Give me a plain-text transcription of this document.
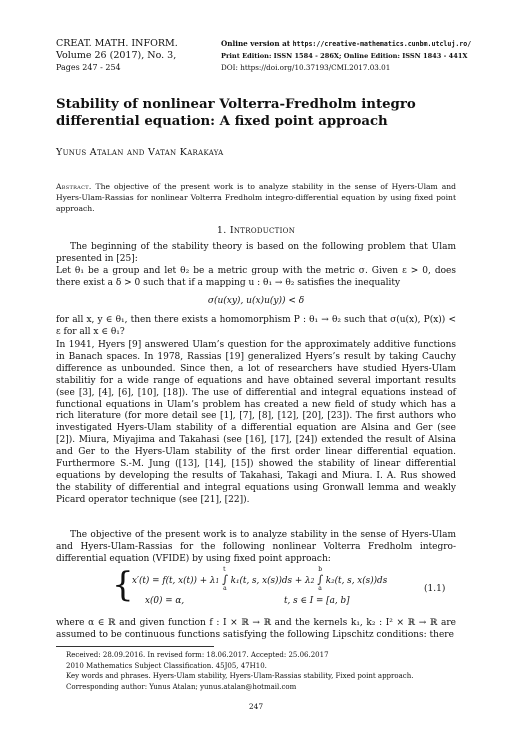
CREAT. MATH. INFORM.
Volume 26 (2017), No. 3,
Pages 247 - 254
Online version at https://creative-mathematics.cunbm.utcluj.ro/
Print Edition: ISSN 1584 - 286X; Online Edition: ISSN 1843 - 441X
DOI: https://doi.org/10.37193/CMI.2017.03.01
Stability of nonlinear Volterra-Fredholm integro
differential equation: A fixed point approach
Yunus Atalan and Vatan Karakaya
Abstract. The objective of the present work is to analyze stability in the sense of Hyers-Ulam and Hyers-Ulam-Rassias for nonlinear Volterra Fredholm integro-differential equation by using fixed point approach.
1. Introduction
The beginning of the stability theory is based on the following problem that Ulam presented in [25]:
Let θ₁ be a group and let θ₂ be a metric group with the metric σ. Given ε > 0, does there exist a δ > 0 such that if a mapping u : θ₁ → θ₂ satisfies the inequality
σ(u(xy), u(x)u(y)) < δ
for all x, y ∈ θ₁, then there exists a homomorphism P : θ₁ → θ₂ such that σ(u(x), P(x)) < ε for all x ∈ θ₁?
In 1941, Hyers [9] answered Ulam’s question for the approximately additive functions in Banach spaces. In 1978, Rassias [19] generalized Hyers’s result by taking Cauchy difference as unbounded. Since then, a lot of researchers have studied Hyers-Ulam stabilitiy for a wide range of equations and have obtained several important results (see [3], [4], [6], [10], [18]). The use of differential and integral equations instead of functional equations in Ulam’s problem has created a new field of study which has a rich literature (for more detail see [1], [7], [8], [12], [20], [23]). The first authors who investigated Hyers-Ulam stability of a differential equation are Alsina and Ger (see [2]). Miura, Miyajima and Takahasi (see [16], [17], [24]) extended the result of Alsina and Ger to the Hyers-Ulam stability of the first order linear differential equation. Furthermore S.-M. Jung ([13], [14], [15]) showed the stability of linear differential equations by developing the results of Takahasi, Takagi and Miura. I. A. Rus showed the stability of differential and integral equations using Gronwall lemma and weakly Picard operator technique (see [21], [22]).
The objective of the present work is to analyze stability in the sense of Hyers-Ulam and Hyers-Ulam-Rassias for the following nonlinear Volterra Fredholm integro-differential equation (VFIDE) by using fixed point approach:
{
x′(t) = f(t, x(t)) + λ1 ∫
t
a
k₁(t, s, x(s))ds + λ2 ∫
b
a
k₂(t, s, x(s))ds
x(0) = α,	t, s ∈ I = [a, b]
(1.1)
where α ∈ ℝ and given function f : I × ℝ → ℝ and the kernels k₁, k₂ : I² × ℝ → ℝ are assumed to be continuous functions satisfying the following Lipschitz conditions: there
Received: 28.09.2016. In revised form: 18.06.2017. Accepted: 25.06.2017
2010 Mathematics Subject Classification. 45J05, 47H10.
Key words and phrases. Hyers-Ulam stability, Hyers-Ulam-Rassias stability, Fixed point approach.
Corresponding author: Yunus Atalan; yunus.atalan@hotmail.com
247
